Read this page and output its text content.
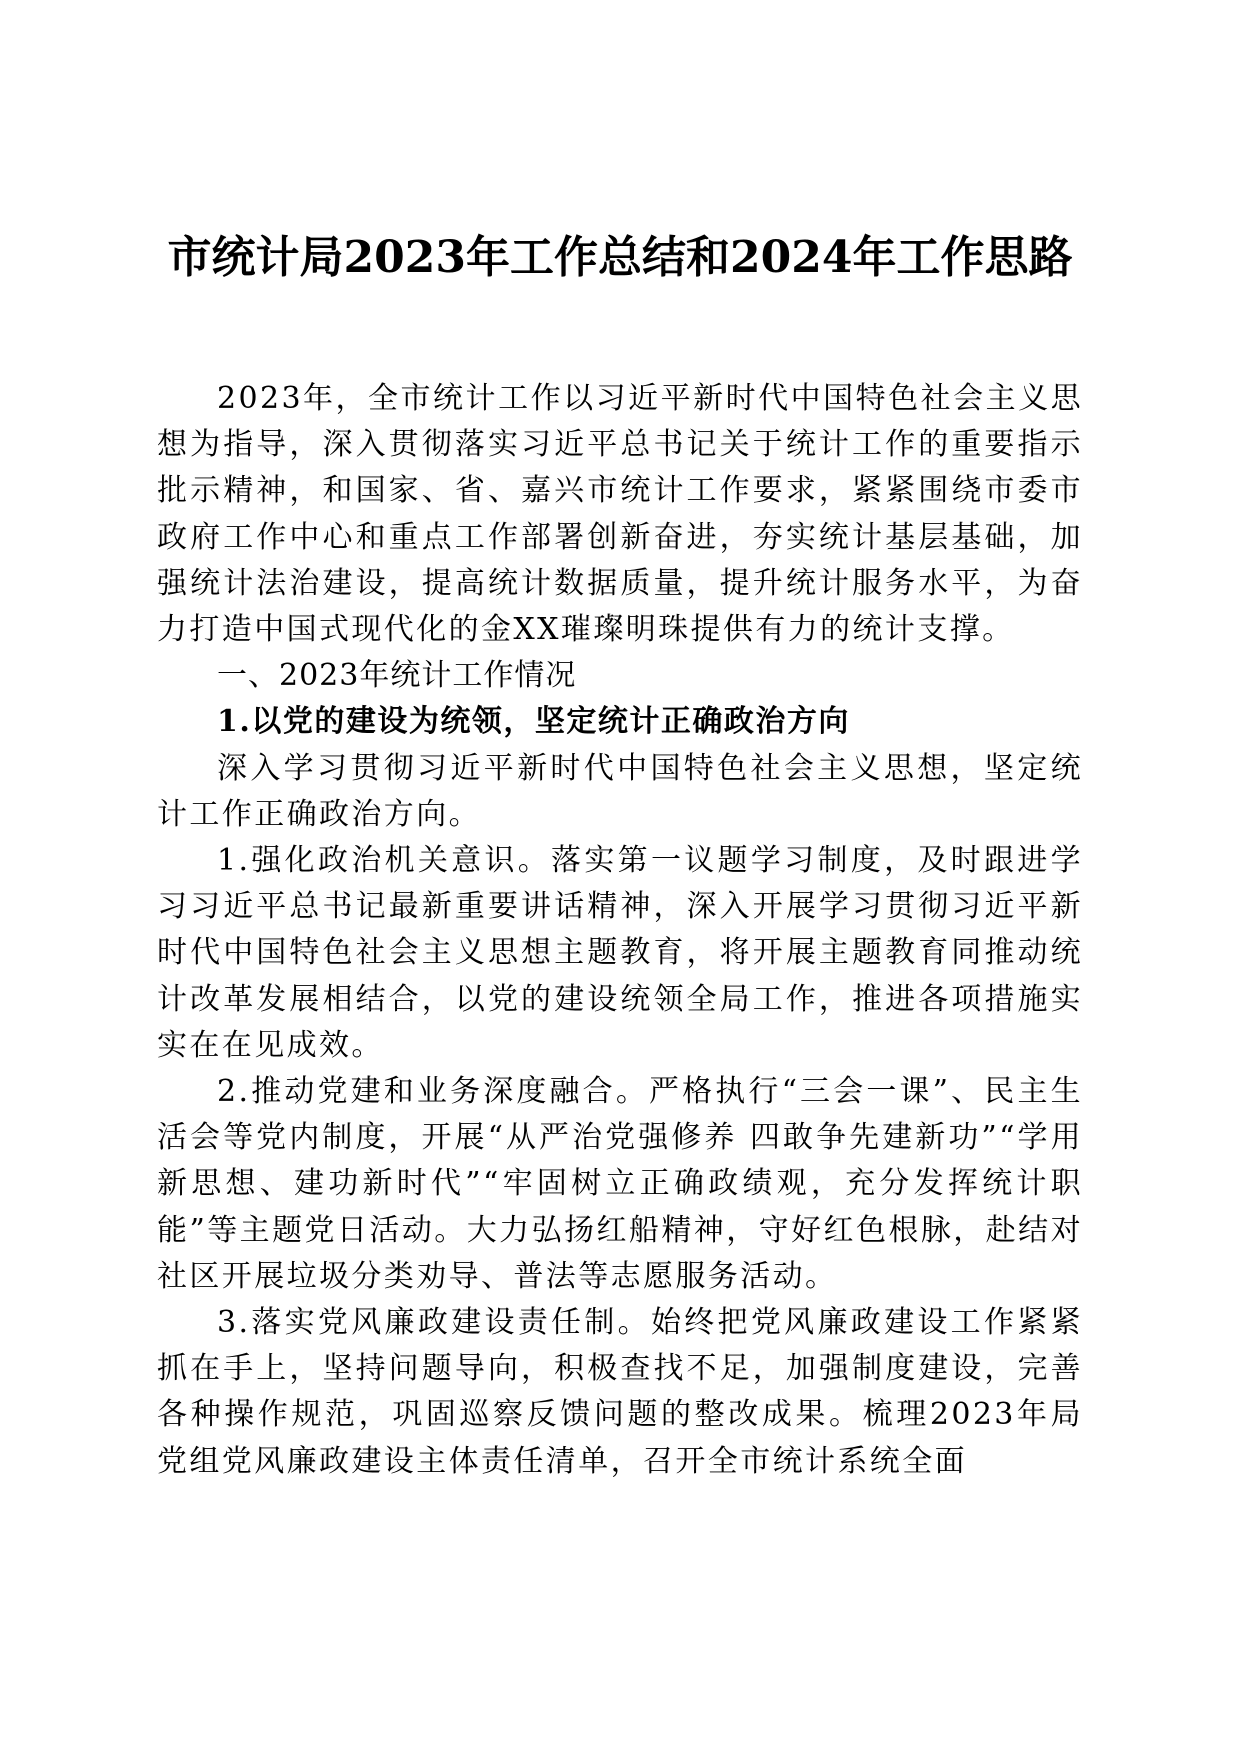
市统计局2023年工作总结和2024年工作思路

2023年，全市统计工作以习近平新时代中国特色社会主义思想为指导，深入贯彻落实习近平总书记关于统计工作的重要指示批示精神，和国家、省、嘉兴市统计工作要求，紧紧围绕市委市政府工作中心和重点工作部署创新奋进，夯实统计基层基础，加强统计法治建设，提高统计数据质量，提升统计服务水平，为奋力打造中国式现代化的金XX璀璨明珠提供有力的统计支撑。

一、2023年统计工作情况

1.以党的建设为统领，坚定统计正确政治方向

深入学习贯彻习近平新时代中国特色社会主义思想，坚定统计工作正确政治方向。

1.强化政治机关意识。落实第一议题学习制度，及时跟进学习习近平总书记最新重要讲话精神，深入开展学习贯彻习近平新时代中国特色社会主义思想主题教育，将开展主题教育同推动统计改革发展相结合，以党的建设统领全局工作，推进各项措施实实在在见成效。

2.推动党建和业务深度融合。严格执行“三会一课”、民主生活会等党内制度，开展“从严治党强修养 四敢争先建新功”“学用新思想、建功新时代”“牢固树立正确政绩观，充分发挥统计职能”等主题党日活动。大力弘扬红船精神，守好红色根脉，赴结对社区开展垃圾分类劝导、普法等志愿服务活动。

3.落实党风廉政建设责任制。始终把党风廉政建设工作紧紧抓在手上，坚持问题导向，积极查找不足，加强制度建设，完善各种操作规范，巩固巡察反馈问题的整改成果。梳理2023年局党组党风廉政建设主体责任清单，召开全市统计系统全面
